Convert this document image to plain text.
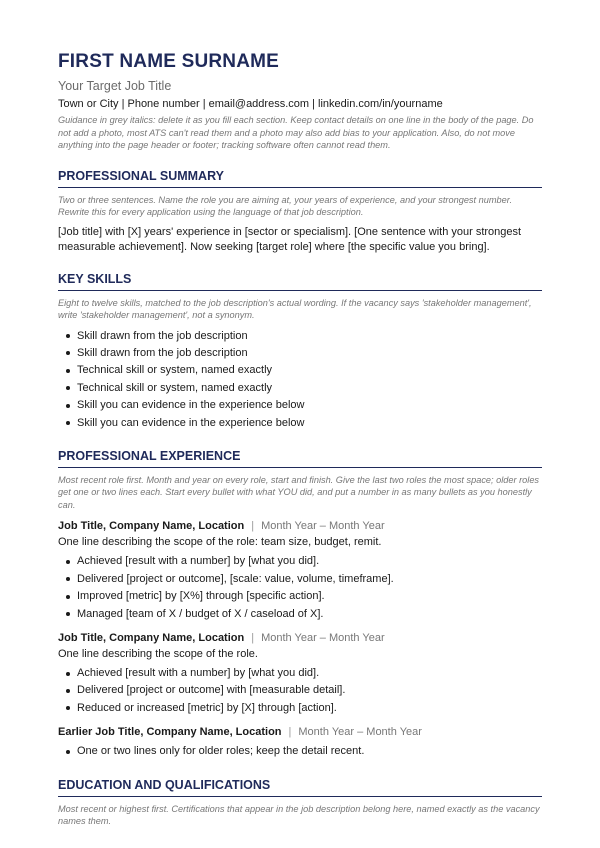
FIRST NAME SURNAME
Your Target Job Title
Town or City | Phone number | email@address.com | linkedin.com/in/yourname
Guidance in grey italics: delete it as you fill each section. Keep contact details on one line in the body of the page. Do not add a photo, most ATS can't read them and a photo may also add bias to your application. Also, do not move anything into the page header or footer; tracking software often cannot read them.
PROFESSIONAL SUMMARY
Two or three sentences. Name the role you are aiming at, your years of experience, and your strongest number. Rewrite this for every application using the language of that job description.
[Job title] with [X] years' experience in [sector or specialism]. [One sentence with your strongest measurable achievement]. Now seeking [target role] where [the specific value you bring].
KEY SKILLS
Eight to twelve skills, matched to the job description's actual wording. If the vacancy says 'stakeholder management', write 'stakeholder management', not a synonym.
Skill drawn from the job description
Skill drawn from the job description
Technical skill or system, named exactly
Technical skill or system, named exactly
Skill you can evidence in the experience below
Skill you can evidence in the experience below
PROFESSIONAL EXPERIENCE
Most recent role first. Month and year on every role, start and finish. Give the last two roles the most space; older roles get one or two lines each. Start every bullet with what YOU did, and put a number in as many bullets as you honestly can.
Job Title, Company Name, Location | Month Year – Month Year
One line describing the scope of the role: team size, budget, remit.
Achieved [result with a number] by [what you did].
Delivered [project or outcome], [scale: value, volume, timeframe].
Improved [metric] by [X%] through [specific action].
Managed [team of X / budget of X / caseload of X].
Job Title, Company Name, Location | Month Year – Month Year
One line describing the scope of the role.
Achieved [result with a number] by [what you did].
Delivered [project or outcome] with [measurable detail].
Reduced or increased [metric] by [X] through [action].
Earlier Job Title, Company Name, Location | Month Year – Month Year
One or two lines only for older roles; keep the detail recent.
EDUCATION AND QUALIFICATIONS
Most recent or highest first. Certifications that appear in the job description belong here, named exactly as the vacancy names them.
